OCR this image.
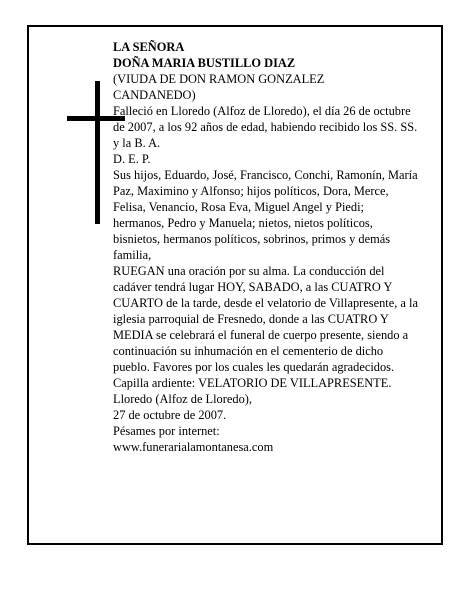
LA SEÑORA

DOÑA MARIA BUSTILLO DIAZ

(VIUDA DE DON RAMON GONZALEZ

CANDANEDO)

Falleció en Lloredo (Alfoz de Lloredo), el día 26 de octubre de 2007, a los 92 años de edad, habiendo recibido los SS. SS. y la B. A.

D. E. P.

Sus hijos, Eduardo, José, Francisco, Conchi, Ramonín, María Paz, Maximino y Alfonso; hijos políticos, Dora, Merce, Felisa, Venancio, Rosa Eva, Miguel Angel y Piedi; hermanos, Pedro y Manuela; nietos, nietos políticos, bisnietos, hermanos políticos, sobrinos, primos y demás familia,

RUEGAN una oración por su alma. La conducción del cadáver tendrá lugar HOY, SABADO, a las CUATRO Y CUARTO de la tarde, desde el velatorio de Villapresente, a la iglesia parroquial de Fresnedo, donde a las CUATRO Y MEDIA se celebrará el funeral de cuerpo presente, siendo a continuación su inhumación en el cementerio de dicho pueblo. Favores por los cuales les quedarán agradecidos. Capilla ardiente: VELATORIO DE VILLAPRESENTE.

Lloredo (Alfoz de Lloredo),

27 de octubre de 2007.

Pésames por internet:

www.funerarialamontanesa.com
